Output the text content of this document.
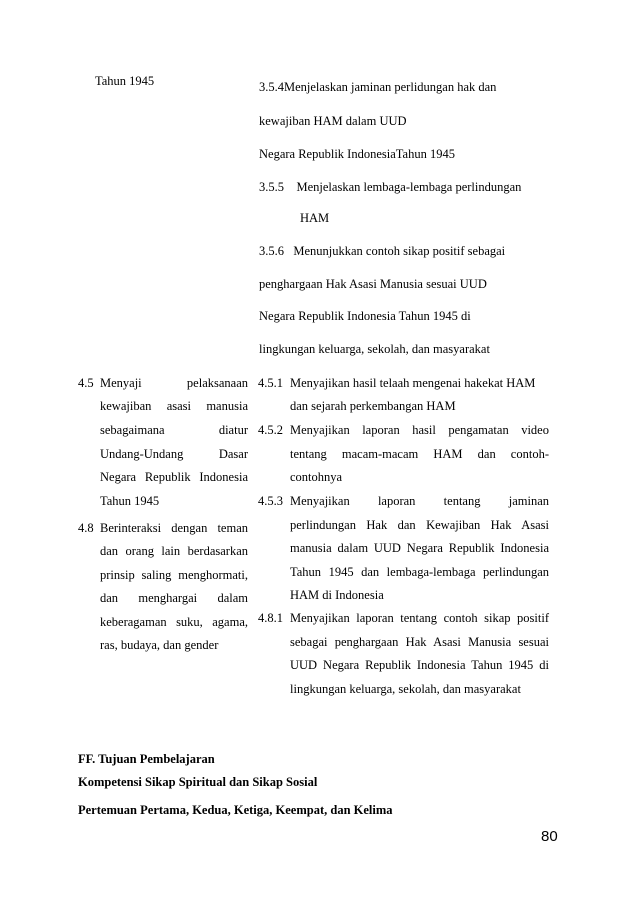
Tahun 1945	3.5.4Menjelaskan jaminan perlidungan hak dan
kewajiban HAM dalam UUD
Negara Republik IndonesiaTahun 1945
3.5.5    Menjelaskan lembaga-lembaga perlindungan
HAM
3.5.6   Menunjukkan contoh sikap positif sebagai
penghargaan Hak Asasi Manusia sesuai UUD
Negara Republik Indonesia Tahun 1945 di
lingkungan keluarga, sekolah, dan masyarakat
4.5 Menyaji pelaksanaan
kewajiban asasi manusia
sebagaimana diatur
Undang-Undang Dasar
Negara Republik Indonesia
Tahun 1945
4.8 Berinteraksi dengan teman
dan orang lain berdasarkan
prinsip saling menghormati,
dan menghargai dalam
keberagaman suku, agama,
ras, budaya, dan gender
4.5.1 Menyajikan hasil telaah mengenai hakekat HAM
dan sejarah perkembangan HAM
4.5.2 Menyajikan laporan hasil pengamatan video
tentang macam-macam HAM dan contoh-
contohnya
4.5.3 Menyajikan laporan tentang jaminan
perlindungan Hak dan Kewajiban Hak Asasi
manusia dalam UUD Negara Republik Indonesia
Tahun 1945 dan lembaga-lembaga perlindungan
HAM di Indonesia
4.8.1 Menyajikan laporan tentang contoh sikap positif
sebagai penghargaan Hak Asasi Manusia sesuai
UUD Negara Republik Indonesia Tahun 1945 di
lingkungan keluarga, sekolah, dan masyarakat
FF. Tujuan Pembelajaran
Kompetensi Sikap Spiritual dan Sikap Sosial
Pertemuan Pertama, Kedua, Ketiga, Keempat, dan Kelima
80
